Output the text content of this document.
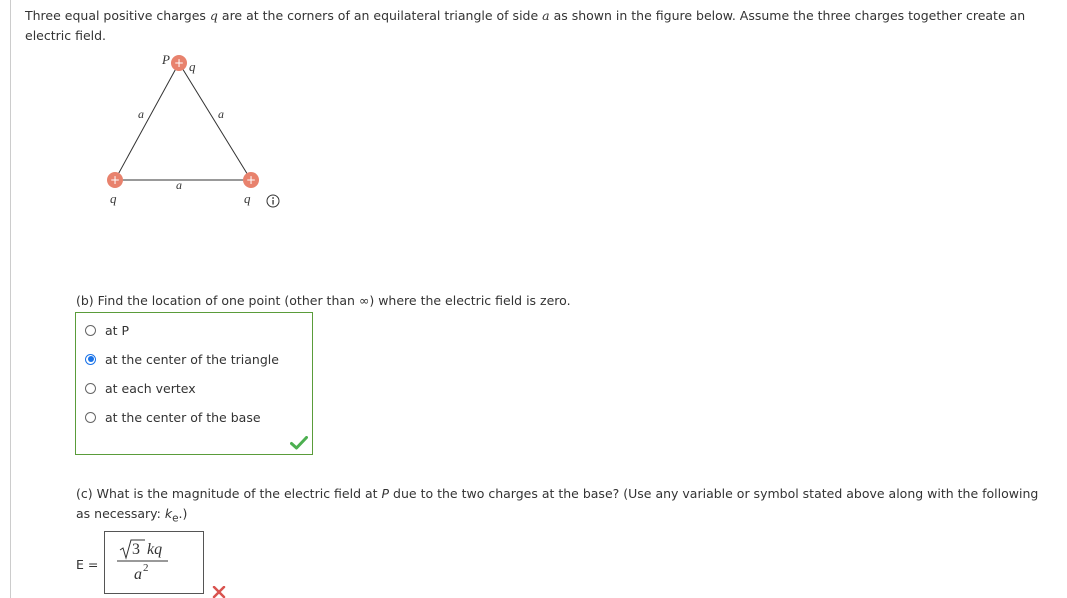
Three equal positive charges q are at the corners of an equilateral triangle of side a as shown in the figure below. Assume the three charges together create an electric field.
+
+	+
P q
a	a
a
q	q
(b) Find the location of one point (other than ∞) where the electric field is zero.
at P
at the center of the triangle
at each vertex
at the center of the base
(c) What is the magnitude of the electric field at P due to the two charges at the base? (Use any variable or symbol stated above along with the following as necessary: $k_e$.)
E =
3 kq
a 2
